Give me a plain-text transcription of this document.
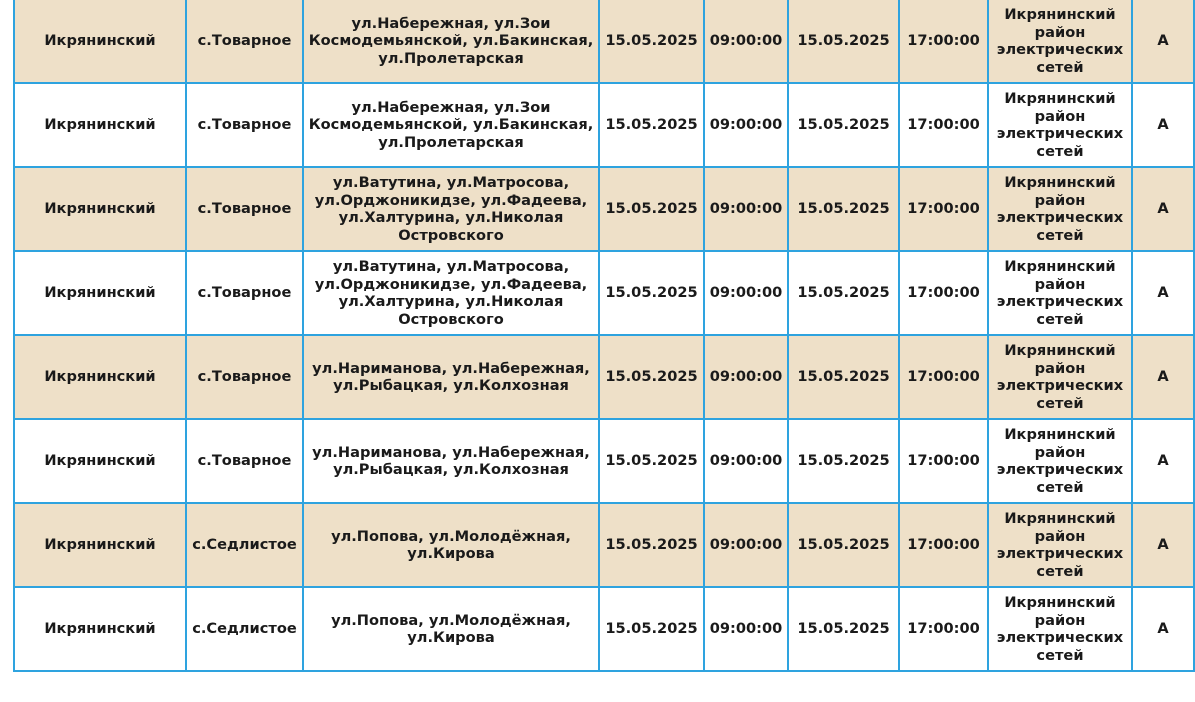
Икрянинский	с.Товарное	ул.Набережная, ул.Зои Космодемьянской, ул.Бакинская, ул.Пролетарская	15.05.2025	09:00:00	15.05.2025	17:00:00	Икрянинский район электрических сетей	А
Икрянинский	с.Товарное	ул.Набережная, ул.Зои Космодемьянской, ул.Бакинская, ул.Пролетарская	15.05.2025	09:00:00	15.05.2025	17:00:00	Икрянинский район электрических сетей	А
Икрянинский	с.Товарное	ул.Ватутина, ул.Матросова, ул.Орджоникидзе, ул.Фадеева, ул.Халтурина, ул.Николая Островского	15.05.2025	09:00:00	15.05.2025	17:00:00	Икрянинский район электрических сетей	А
Икрянинский	с.Товарное	ул.Ватутина, ул.Матросова, ул.Орджоникидзе, ул.Фадеева, ул.Халтурина, ул.Николая Островского	15.05.2025	09:00:00	15.05.2025	17:00:00	Икрянинский район электрических сетей	А
Икрянинский	с.Товарное	ул.Нариманова, ул.Набережная, ул.Рыбацкая, ул.Колхозная	15.05.2025	09:00:00	15.05.2025	17:00:00	Икрянинский район электрических сетей	А
Икрянинский	с.Товарное	ул.Нариманова, ул.Набережная, ул.Рыбацкая, ул.Колхозная	15.05.2025	09:00:00	15.05.2025	17:00:00	Икрянинский район электрических сетей	А
Икрянинский	с.Седлистое	ул.Попова, ул.Молодёжная, ул.Кирова	15.05.2025	09:00:00	15.05.2025	17:00:00	Икрянинский район электрических сетей	А
Икрянинский	с.Седлистое	ул.Попова, ул.Молодёжная, ул.Кирова	15.05.2025	09:00:00	15.05.2025	17:00:00	Икрянинский район электрических сетей	А
